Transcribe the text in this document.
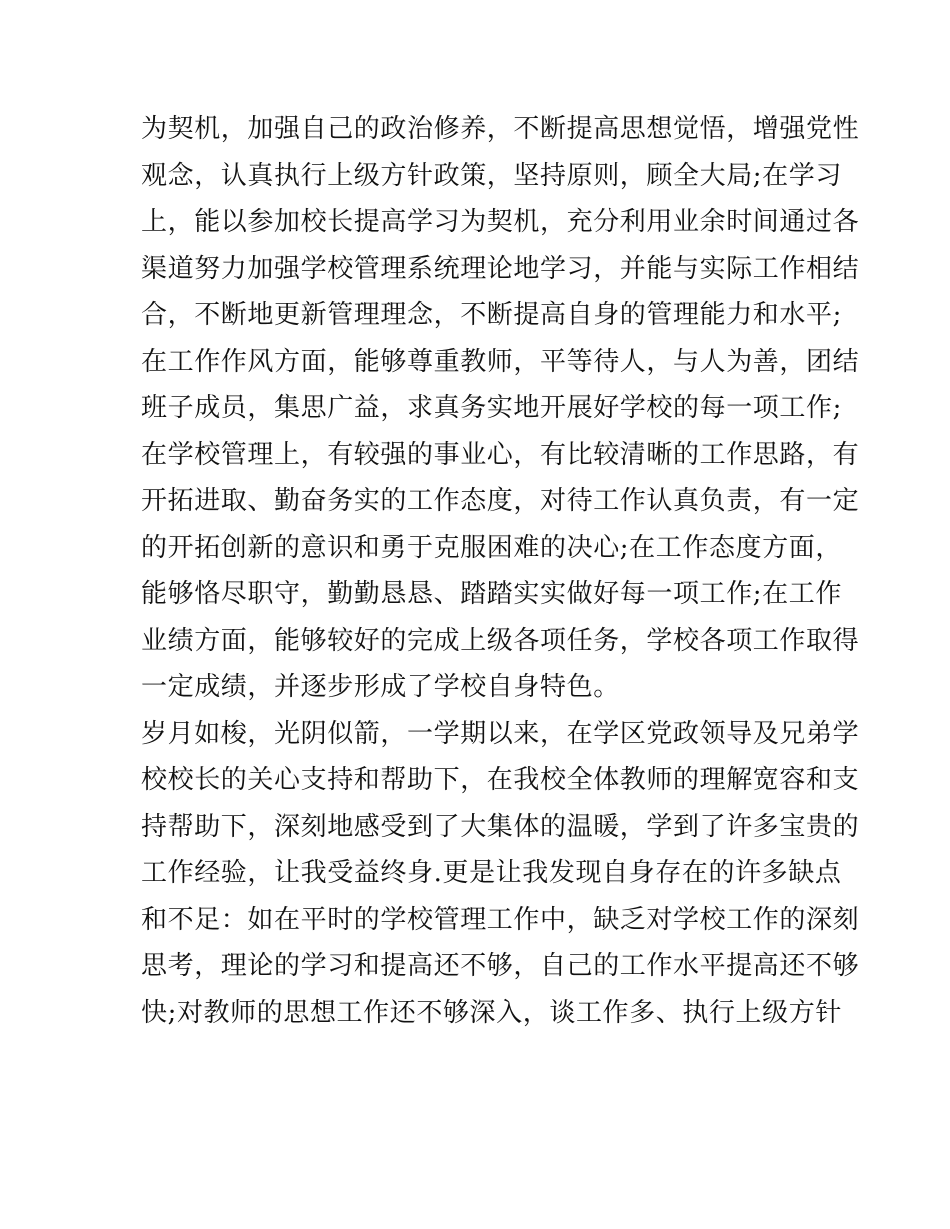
为契机，加强自己的政治修养，不断提高思想觉悟，增强党性
观念，认真执行上级方针政策，坚持原则，顾全大局;在学习
上，能以参加校长提高学习为契机，充分利用业余时间通过各
渠道努力加强学校管理系统理论地学习，并能与实际工作相结
合，不断地更新管理理念，不断提高自身的管理能力和水平;
在工作作风方面，能够尊重教师，平等待人，与人为善，团结
班子成员，集思广益，求真务实地开展好学校的每一项工作;
在学校管理上，有较强的事业心，有比较清晰的工作思路，有
开拓进取、勤奋务实的工作态度，对待工作认真负责，有一定
的开拓创新的意识和勇于克服困难的决心;在工作态度方面，
能够恪尽职守，勤勤恳恳、踏踏实实做好每一项工作;在工作
业绩方面，能够较好的完成上级各项任务，学校各项工作取得
一定成绩，并逐步形成了学校自身特色。
岁月如梭，光阴似箭，一学期以来，在学区党政领导及兄弟学
校校长的关心支持和帮助下，在我校全体教师的理解宽容和支
持帮助下，深刻地感受到了大集体的温暖，学到了许多宝贵的
工作经验，让我受益终身.更是让我发现自身存在的许多缺点
和不足：如在平时的学校管理工作中，缺乏对学校工作的深刻
思考，理论的学习和提高还不够，自己的工作水平提高还不够
快;对教师的思想工作还不够深入，谈工作多、执行上级方针
